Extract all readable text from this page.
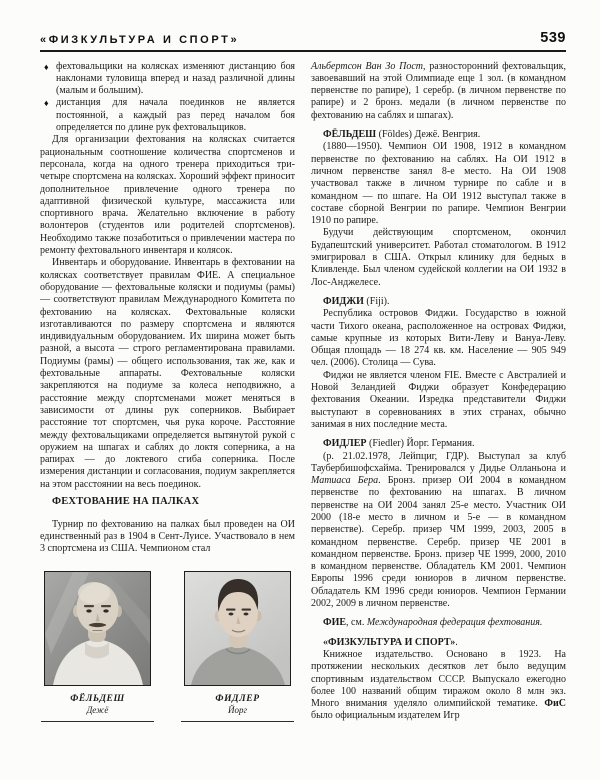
«ФИЗКУЛЬТУРА И СПОРТ»	539
♦ фехтовальщики на колясках изменяют дистанцию боя наклонами туловища вперед и назад различной длины (малым и большим).
♦ дистанция для начала поединков не является постоянной, а каждый раз перед началом боя определяется по длине рук фехтовальщиков.

Для организации фехтования на колясках считается рациональным соотношение количества спортсменов и персонала, когда на одного тренера приходиться три-четыре спортсмена на колясках. Хороший эффект приносит дополнительное привлечение одного тренера по адаптивной физической культуре, массажиста или спортивного врача. Желательно включение в работу волонтеров (студентов или родителей спортсменов). Необходимо также позаботиться о привлечении мастера по ремонту фехтовального инвентаря и колясок.

Инвентарь и оборудование. Инвентарь в фехтовании на колясках соответствует правилам ФИЕ. А специальное оборудование — фехтовальные коляски и подиумы (рамы) — соответствуют правилам Международного Комитета по фехтованию на колясках. Фехтовальные коляски изготавливаются по размеру спортсмена и являются индивидуальным оборудованием. Их ширина может быть разной, а высота — строго регламентирована правилами. Подиумы (рамы) — общего использования, так же, как и фехтовальные аппараты. Фехтовальные коляски закрепляются на подиуме за колеса неподвижно, а расстояние между спортсменами может меняться в зависимости от длины рук соперников. Выбирает расстояние тот спортсмен, чья рука короче. Расстояние между фехтовальщиками определяется вытянутой рукой с оружием на шпагах и саблях до локтя соперника, а на рапирах — до локтевого сгиба соперника. После измерения дистанции и согласования, подиум закрепляется на этом расстоянии на весь поединок.

ФЕХТОВАНИЕ НА ПАЛКАХ

Турнир по фехтованию на палках был проведен на ОИ единственный раз в 1904 в Сент-Луисе. Участвовало в нем 3 спортсмена из США. Чемпионом стал

ФЁЛЬДЕШ
Дежё
ФИДЛЕР
Йорг

Альбертсон Ван Зо Пост, разносторонний фехтовальщик, завоевавший на этой Олимпиаде еще 1 зол. (в командном первенстве по рапире), 1 серебр. (в личном первенстве по рапире) и 2 бронз. медали (в личном первенстве по фехтованию на саблях и шпагах).

ФЁЛЬДЕШ (Földes) Дежё. Венгрия.

(1880—1950). Чемпион ОИ 1908, 1912 в командном первенстве по фехтованию на саблях. На ОИ 1912 в личном первенстве занял 8-е место. На ОИ 1908 участвовал также в личном турнире по сабле и в командном — по шпаге. На ОИ 1912 выступал также в составе сборной Венгрии по рапире. Чемпион Венгрии 1910 по рапире.

Будучи действующим спортсменом, окончил Будапештский университет. Работал стоматологом. В 1912 эмигрировал в США. Открыл клинику для бедных в Кливленде. Был членом судейской коллегии на ОИ 1932 в Лос-Анджелесе.

ФИДЖИ (Fiji).

Республика островов Фиджи. Государство в южной части Тихого океана, расположенное на островах Фиджи, самые крупные из которых Вити-Леву и Вануа-Леву. Общая площадь — 18 274 кв. км. Население — 905 949 чел. (2006). Столица — Сува.

Фиджи не является членом FIE. Вместе с Австралией и Новой Зеландией Фиджи образует Конфедерацию фехтования Океании. Изредка представители Фиджи выступают в соревнованиях в этих странах, обычно занимая в них последние места.

ФИДЛЕР (Fiedler) Йорг. Германия.

(р. 21.02.1978, Лейпциг, ГДР). Выступал за клуб Таубербишофсхайма. Тренировался у Дидье Олланьона и Матиаса Бера. Бронз. призер ОИ 2004 в командном первенстве по фехтованию на шпагах. В личном первенстве на ОИ 2004 занял 25-е место. Участник ОИ 2000 (18-е место в личном и 5-е — в командном первенстве). Серебр. призер ЧМ 1999, 2003, 2005 в командном первенстве. Серебр. призер ЧЕ 2001 в командном первенстве. Бронз. призер ЧЕ 1999, 2000, 2010 в командном первенстве. Обладатель КМ 2001. Чемпион Европы 1996 среди юниоров в личном первенстве. Обладатель КМ 1996 среди юниоров. Чемпион Германии 2002, 2009 в личном первенстве.

ФИЕ, см. Международная федерация фехтования.

«ФИЗКУЛЬТУРА И СПОРТ».

Книжное издательство. Основано в 1923. На протяжении нескольких десятков лет было ведущим спортивным издательством СССР. Выпускало ежегодно более 100 названий общим тиражом около 8 млн экз. Много внимания уделяло олимпийской тематике. ФиС было официальным издателем Игр
